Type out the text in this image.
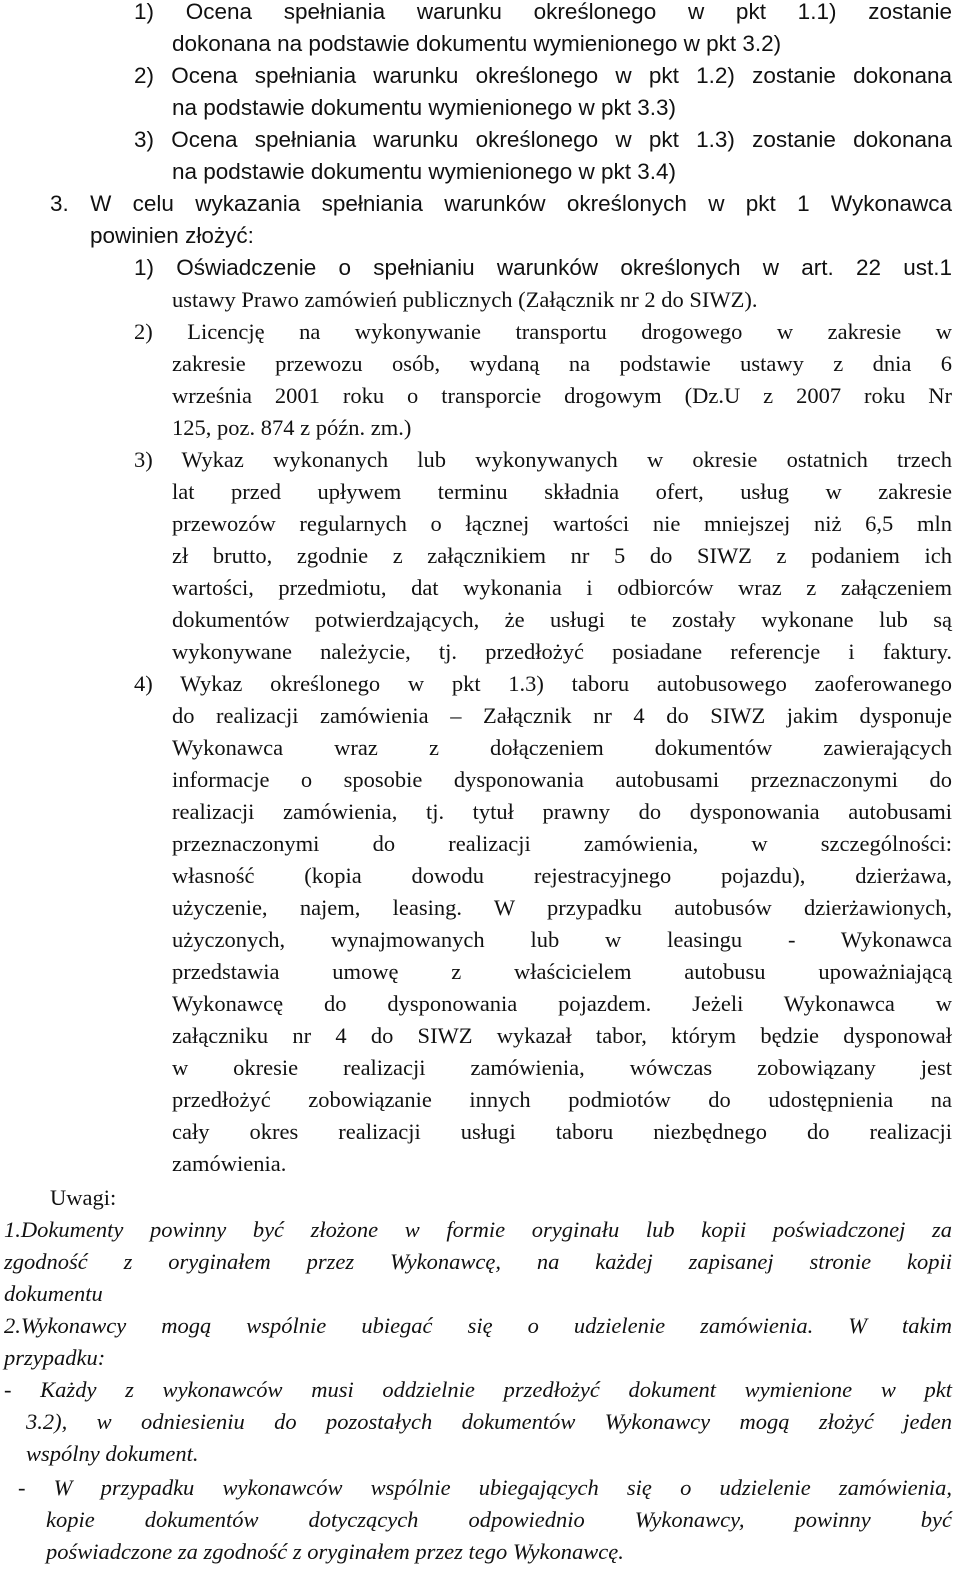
1) Ocena spełniania warunku określonego w pkt 1.1) zostanie
dokonana na podstawie dokumentu wymienionego w pkt 3.2)
2) Ocena spełniania warunku określonego w pkt 1.2) zostanie dokonana
na podstawie dokumentu wymienionego w pkt 3.3)
3) Ocena spełniania warunku określonego w pkt 1.3) zostanie dokonana
na podstawie dokumentu wymienionego w pkt 3.4)
3. W celu wykazania spełniania warunków określonych w pkt 1 Wykonawca
powinien złożyć:
1) Oświadczenie o spełnianiu warunków określonych w art. 22 ust.1
ustawy Prawo zamówień publicznych (Załącznik nr 2 do SIWZ).
2) Licencję na wykonywanie transportu drogowego w zakresie w
zakresie przewozu osób, wydaną na podstawie ustawy z dnia 6
września 2001 roku o transporcie drogowym (Dz.U z 2007 roku Nr
125, poz. 874 z późn. zm.)
3) Wykaz wykonanych lub wykonywanych w okresie ostatnich trzech
lat przed upływem terminu składnia ofert, usług w zakresie
przewozów regularnych o łącznej wartości nie mniejszej niż 6,5 mln
zł brutto, zgodnie z załącznikiem nr 5 do SIWZ z podaniem ich
wartości, przedmiotu, dat wykonania i odbiorców wraz z załączeniem
dokumentów potwierdzających, że usługi te zostały wykonane lub są
wykonywane należycie, tj. przedłożyć posiadane referencje i faktury.
4) Wykaz określonego w pkt 1.3) taboru autobusowego zaoferowanego
do realizacji zamówienia – Załącznik nr 4 do SIWZ jakim dysponuje
Wykonawca wraz z dołączeniem dokumentów zawierających
informacje o sposobie dysponowania autobusami przeznaczonymi do
realizacji zamówienia, tj. tytuł prawny do dysponowania autobusami
przeznaczonymi do realizacji zamówienia, w szczególności:
własność (kopia dowodu rejestracyjnego pojazdu), dzierżawa,
użyczenie, najem, leasing. W przypadku autobusów dzierżawionych,
użyczonych, wynajmowanych lub w leasingu - Wykonawca
przedstawia umowę z właścicielem autobusu upoważniającą
Wykonawcę do dysponowania pojazdem. Jeżeli Wykonawca w
załączniku nr 4 do SIWZ wykazał tabor, którym będzie dysponował
w okresie realizacji zamówienia, wówczas zobowiązany jest
przedłożyć zobowiązanie innych podmiotów do udostępnienia na
cały okres realizacji usługi taboru niezbędnego do realizacji
zamówienia.
Uwagi:
1.Dokumenty powinny być złożone w formie oryginału lub kopii poświadczonej za
zgodność z oryginałem przez Wykonawcę, na każdej zapisanej stronie kopii
dokumentu
2.Wykonawcy mogą wspólnie ubiegać się o udzielenie zamówienia. W takim
przypadku:
- Każdy z wykonawców musi oddzielnie przedłożyć dokument wymienione w pkt
3.2), w odniesieniu do pozostałych dokumentów Wykonawcy mogą złożyć jeden
wspólny dokument.
- W przypadku wykonawców wspólnie ubiegających się o udzielenie zamówienia,
kopie dokumentów dotyczących odpowiednio Wykonawcy, powinny być
poświadczone za zgodność z oryginałem przez tego Wykonawcę.
